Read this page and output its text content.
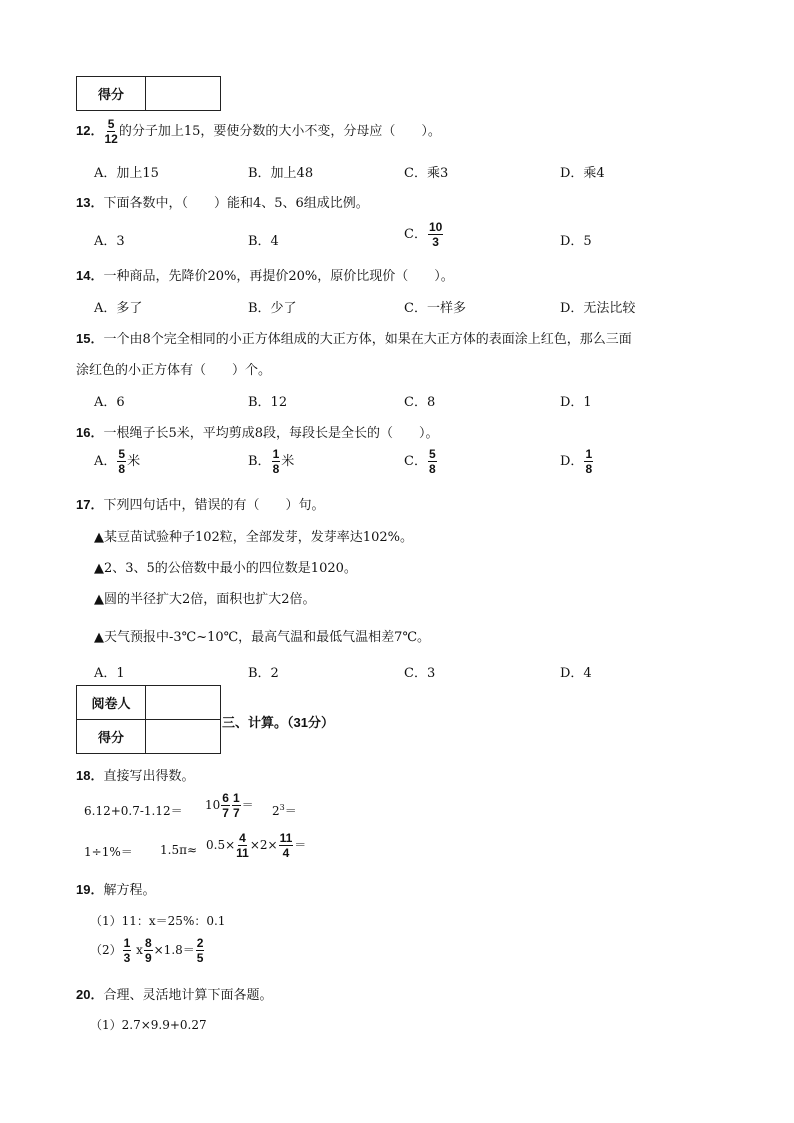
得分	
12． $\frac{5}{12}$ 的分子加上15，要使分数的大小不变，分母应（　　）。
A．加上15	B．加上48	C．乘3	D．乘4
13．下面各数中，（　　）能和4、5、6组成比例。
A．3	B．4	C． $\frac{10}{3}$	D．5
14．一种商品，先降价20%，再提价20%，原价比现价（　　）。
A．多了	B．少了	C．一样多	D．无法比较
15．一个由8个完全相同的小正方体组成的大正方体，如果在大正方体的表面涂上红色，那么三面
涂红色的小正方体有（　　）个。
A．6	B．12	C．8	D．1
16．一根绳子长5米，平均剪成8段，每段长是全长的（　　）。
A． $\frac{5}{8}$ 米	B． $\frac{1}{8}$ 米	C． $\frac{5}{8}$	D． $\frac{1}{8}$
17．下列四句话中，错误的有（　　）句。
▲某豆苗试验种子102粒，全部发芽，发芽率达102%。
▲2、3、5的公倍数中最小的四位数是1020。
▲圆的半径扩大2倍，面积也扩大2倍。
▲天气预报中-3℃~10℃，最高气温和最低气温相差7℃。
A．1	B．2	C．3	D．4
阅卷人	
得分	
三、计算。（31分）
18．直接写出得数。
$6.12+0.7-1.12= 10 \frac{6}{7} \frac{1}{7} = 2^3=$
$1\div 1\%= 1.5\pi\approx 0.5\times \frac{4}{11} \times 2\times \frac{11}{4}$ ＝
19．解方程。
（1）11：x＝25%：0.1
$(2) \frac{1}{3}$ x $\frac{8}{9} \times 1.8= \frac{2}{5}$
20．合理、灵活地计算下面各题。
（1）2.7×9.9+0.27
